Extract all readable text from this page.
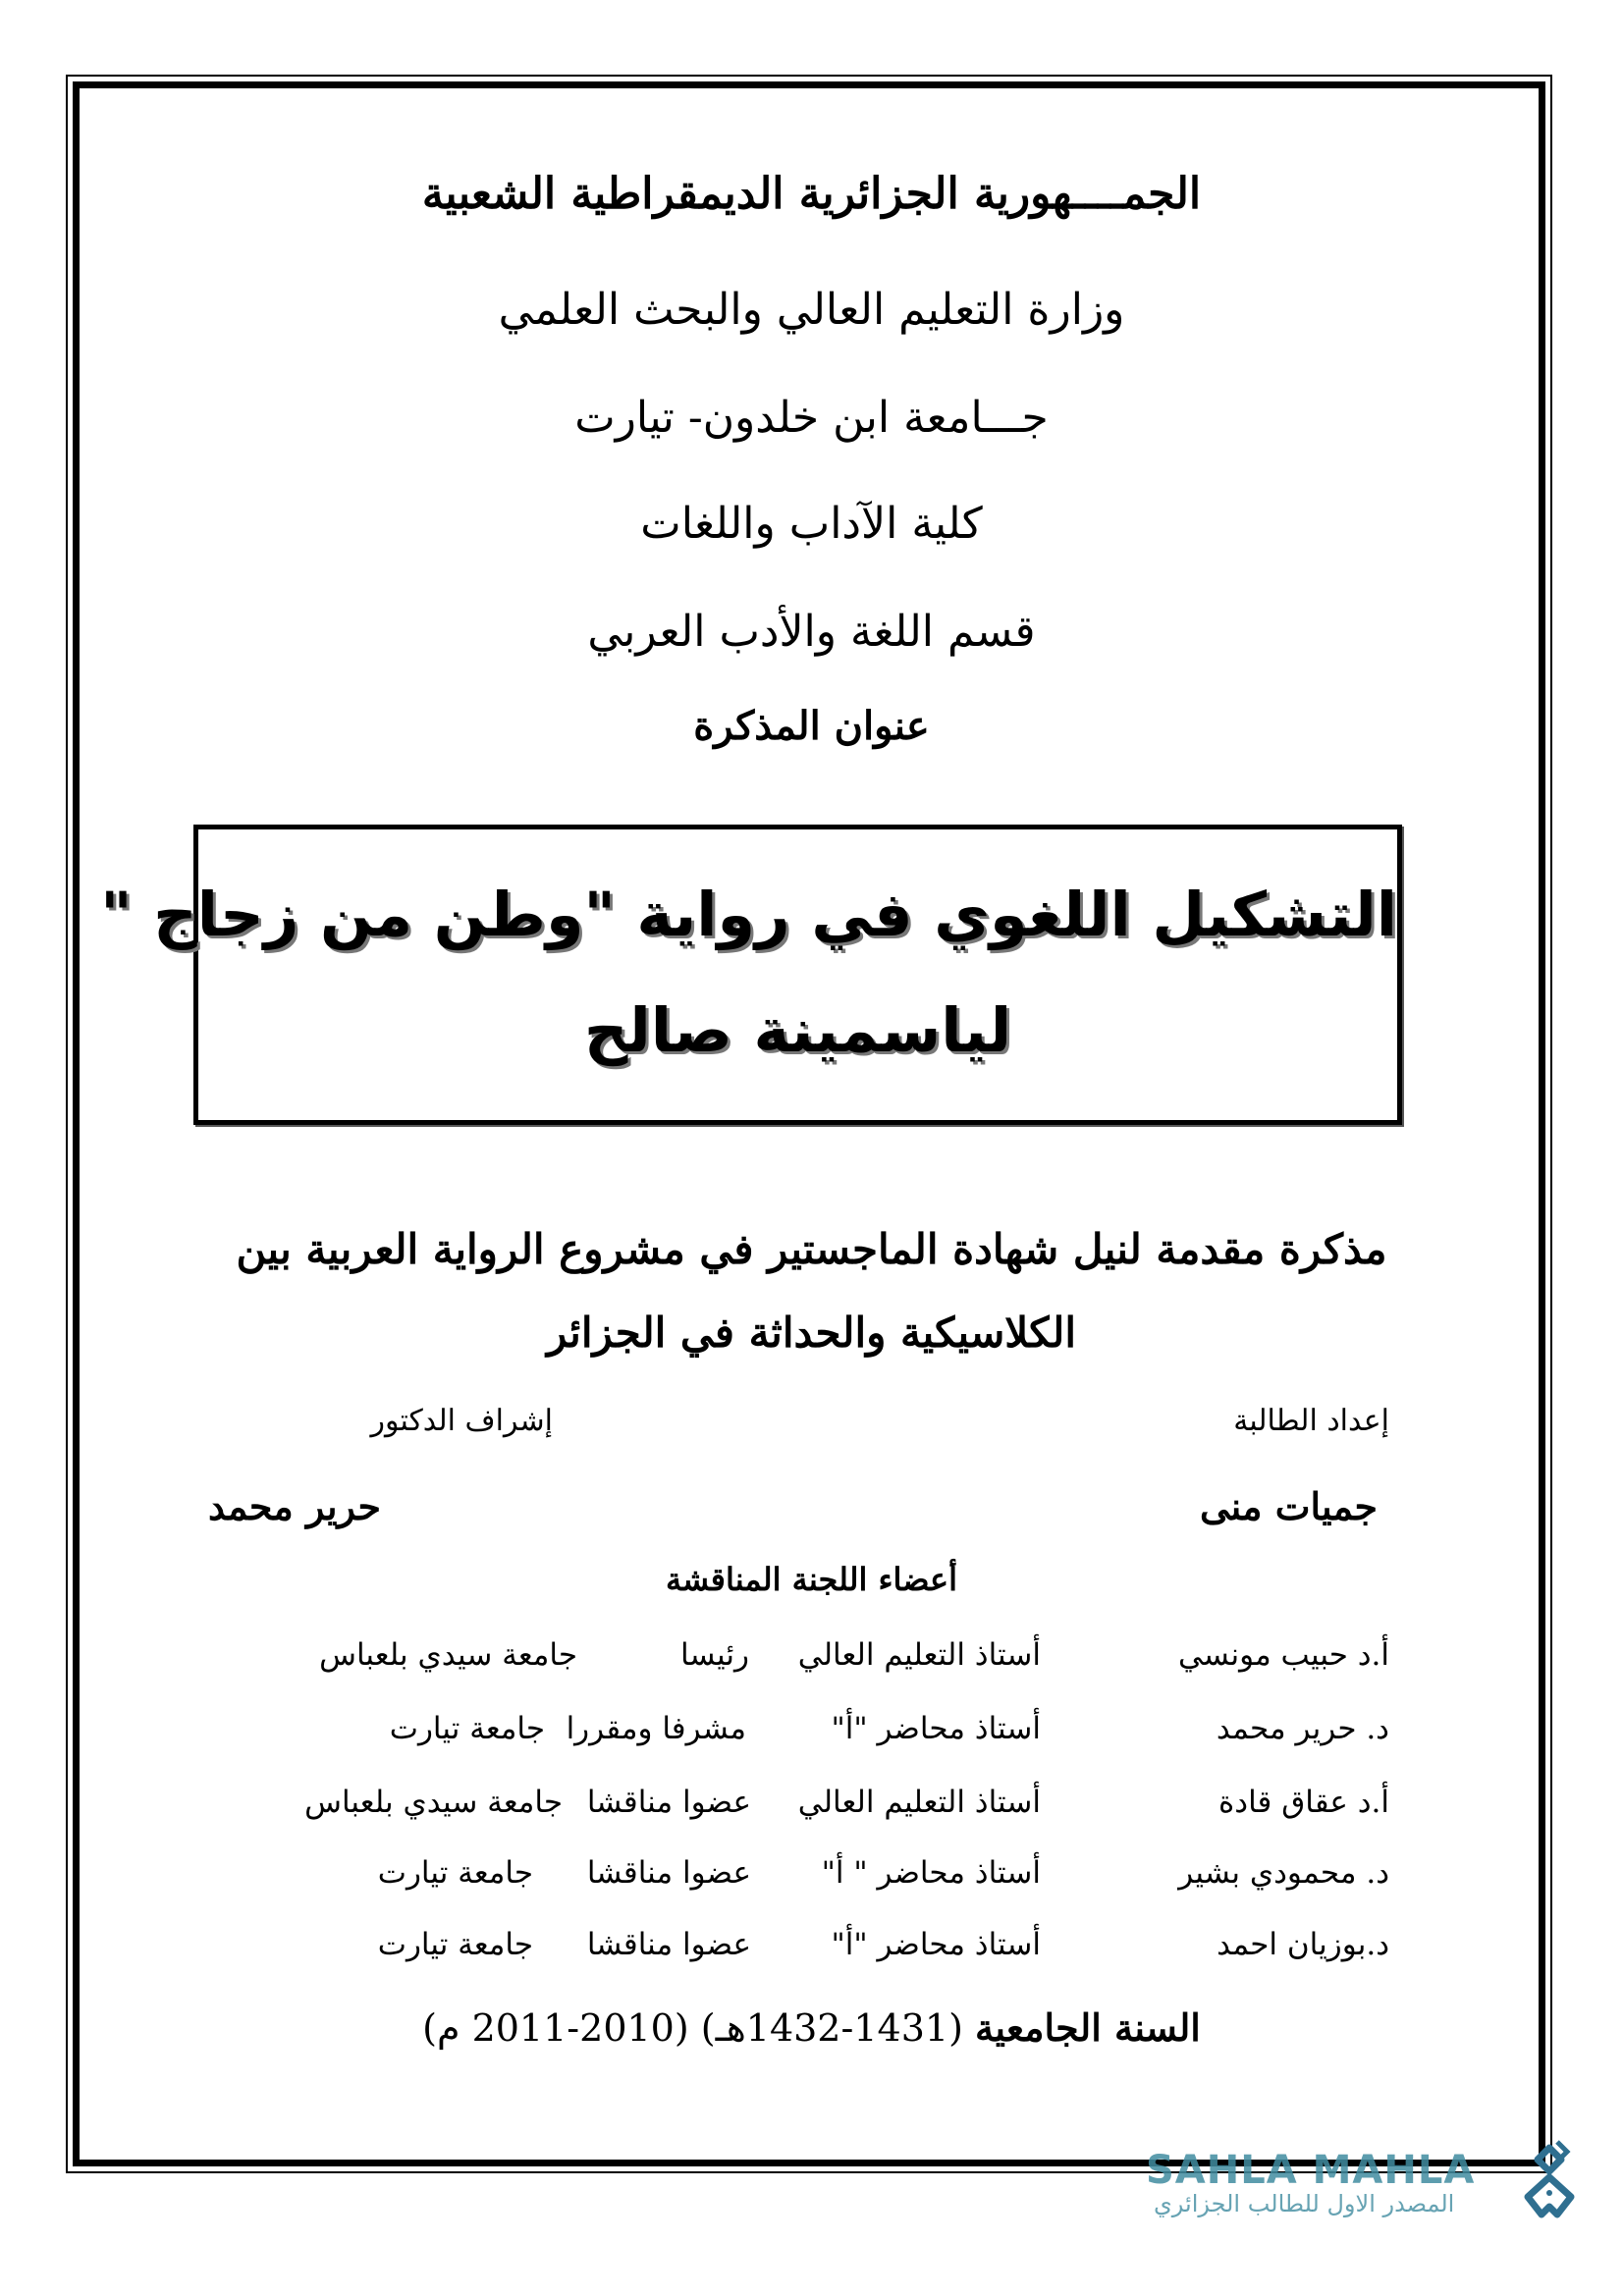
الجمــــهورية الجزائرية الديمقراطية الشعبية
وزارة التعليم العالي والبحث العلمي
جـــامعة ابن خلدون- تيارت
كلية الآداب واللغات
قسم اللغة والأدب العربي
عنوان المذكرة
التشكيل اللغوي في رواية "وطن من زجاج "
لياسمينة صالح
مذكرة مقدمة لنيل شهادة الماجستير في مشروع الرواية العربية بين
الكلاسيكية والحداثة في الجزائر
إعداد الطالبة
إشراف الدكتور
جميات منى
حرير محمد
أعضاء اللجنة المناقشة
أ.د حبيب مونسي
أستاذ التعليم العالي
رئيسا
جامعة سيدي بلعباس
د. حرير محمد
أستاذ محاضر "أ"
مشرفا ومقررا
جامعة تيارت
أ.د عقاق قادة
أستاذ التعليم العالي
عضوا مناقشا
جامعة سيدي بلعباس
د. محمودي بشير
أستاذ محاضر " أ"
عضوا مناقشا
جامعة تيارت
د.بوزيان احمد
أستاذ محاضر "أ"
عضوا مناقشا
جامعة تيارت
السنة الجامعية (1431-1432هـ) (2010-2011 م)
SAHLA MAHLA
المصدر الاول للطالب الجزائري
